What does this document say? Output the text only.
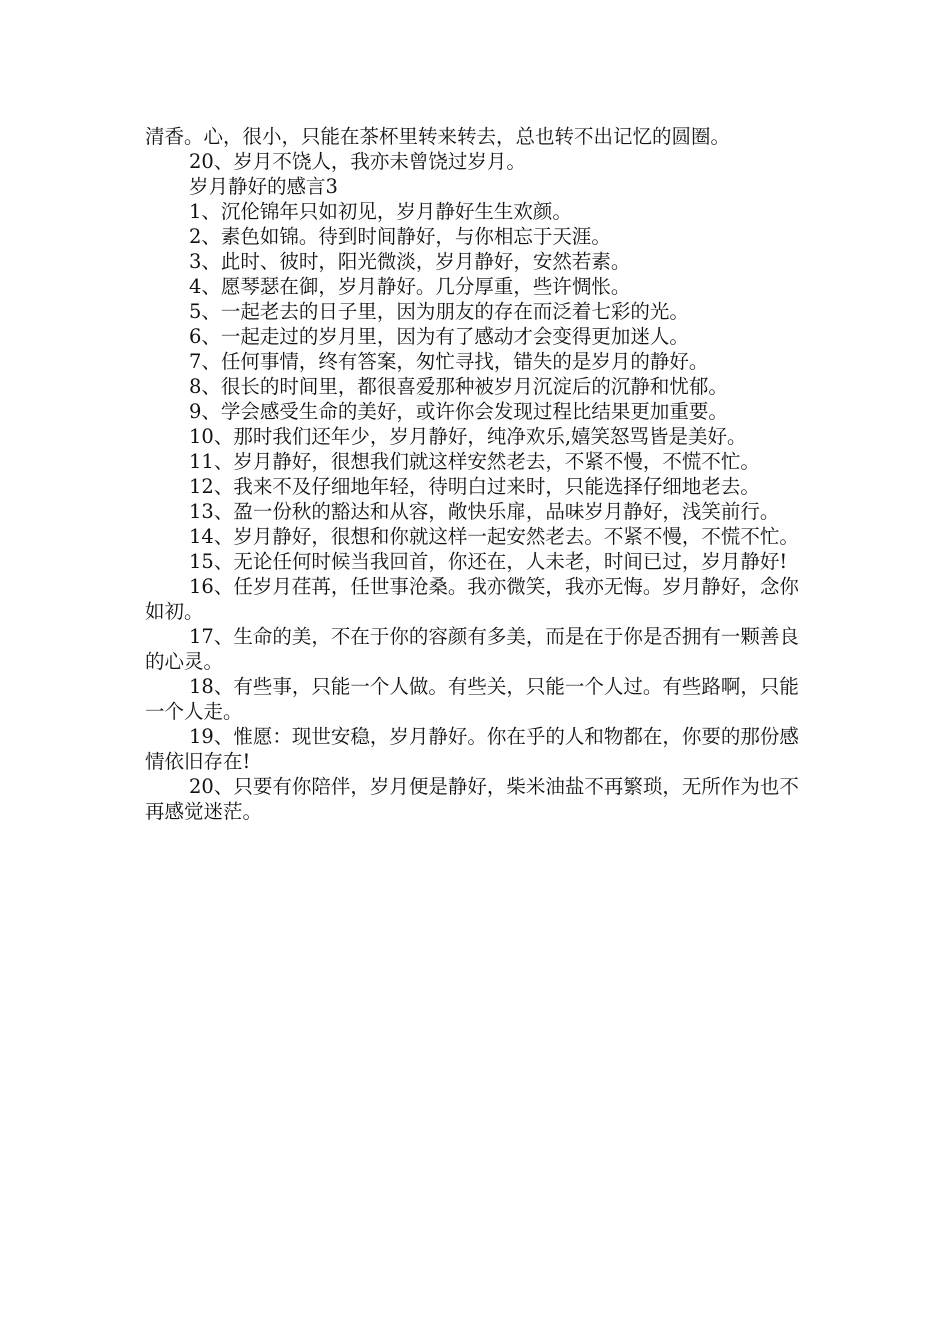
清香。心，很小，只能在茶杯里转来转去，总也转不出记忆的圆圈。

20、岁月不饶人，我亦未曾饶过岁月。

岁月静好的感言3

1、沉伦锦年只如初见，岁月静好生生欢颜。

2、素色如锦。待到时间静好，与你相忘于天涯。

3、此时、彼时，阳光微淡，岁月静好，安然若素。

4、愿琴瑟在御，岁月静好。几分厚重，些许惆怅。

5、一起老去的日子里，因为朋友的存在而泛着七彩的光。

6、一起走过的岁月里，因为有了感动才会变得更加迷人。

7、任何事情，终有答案，匆忙寻找，错失的是岁月的静好。

8、很长的时间里，都很喜爱那种被岁月沉淀后的沉静和忧郁。

9、学会感受生命的美好，或许你会发现过程比结果更加重要。

10、那时我们还年少，岁月静好，纯净欢乐,嬉笑怒骂皆是美好。

11、岁月静好，很想我们就这样安然老去，不紧不慢，不慌不忙。

12、我来不及仔细地年轻，待明白过来时，只能选择仔细地老去。

13、盈一份秋的豁达和从容，敞快乐扉，品味岁月静好，浅笑前行。

14、岁月静好，很想和你就这样一起安然老去。不紧不慢，不慌不忙。

15、无论任何时候当我回首，你还在，人未老，时间已过，岁月静好!

16、任岁月荏苒，任世事沧桑。我亦微笑，我亦无悔。岁月静好，念你如初。

17、生命的美，不在于你的容颜有多美，而是在于你是否拥有一颗善良的心灵。

18、有些事，只能一个人做。有些关，只能一个人过。有些路啊，只能一个人走。

19、惟愿：现世安稳，岁月静好。你在乎的人和物都在，你要的那份感情依旧存在!

20、只要有你陪伴，岁月便是静好，柴米油盐不再繁琐，无所作为也不再感觉迷茫。
